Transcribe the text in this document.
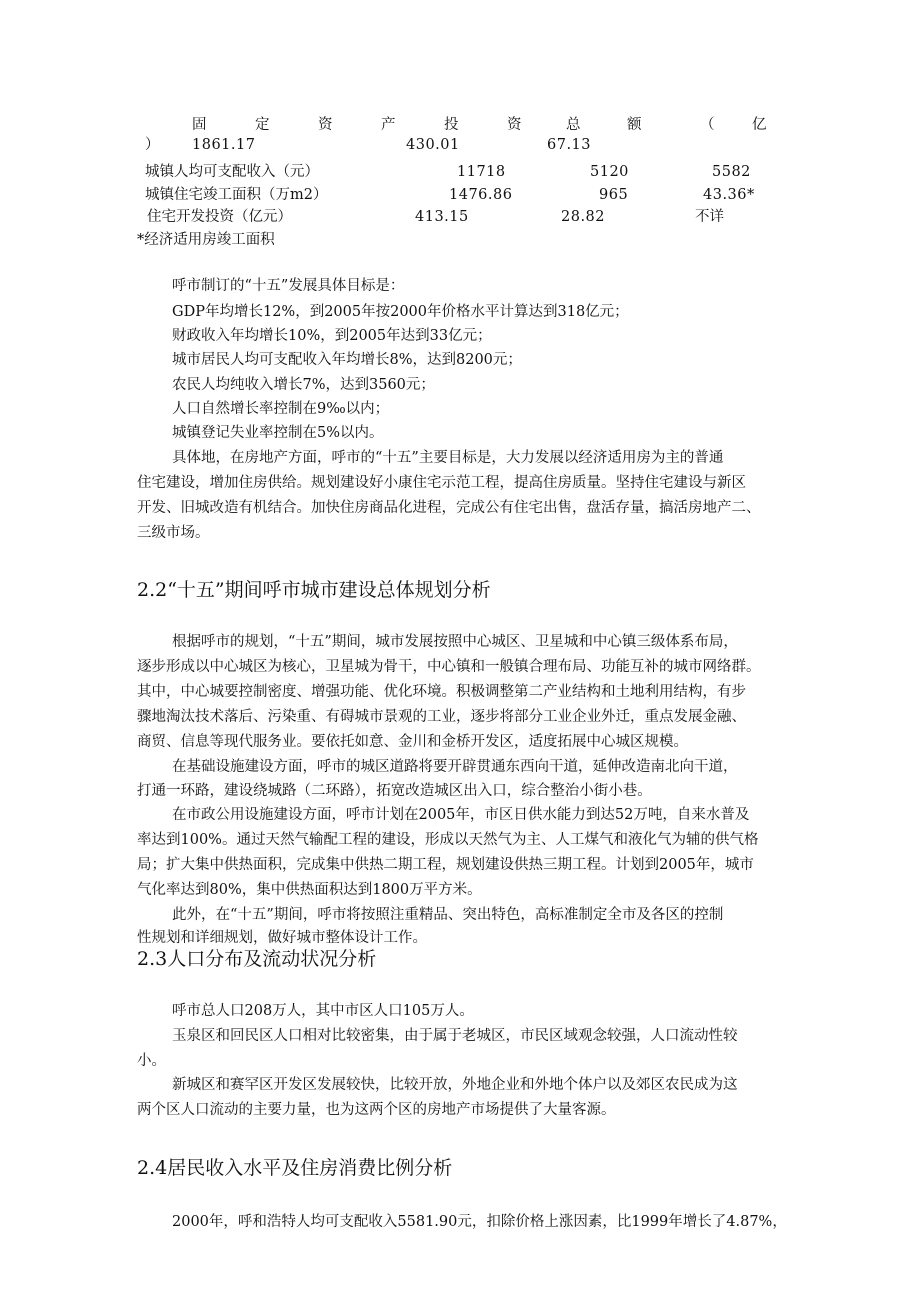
固	定	资	产	投	资	总	额	（	亿
） 1861.17	430.01	67.13
城镇人均可支配收入（元）	11718	5120	5582
城镇住宅竣工面积（万m2）	1476.86	965	43.36*
住宅开发投资（亿元）	413.15	28.82	不详
*经济适用房竣工面积
呼市制订的“十五”发展具体目标是：
GDP年均增长12%，到2005年按2000年价格水平计算达到318亿元；
财政收入年均增长10%，到2005年达到33亿元；
城市居民人均可支配收入年均增长8%，达到8200元；
农民人均纯收入增长7%，达到3560元；
人口自然增长率控制在9‰以内；
城镇登记失业率控制在5%以内。
具体地，在房地产方面，呼市的“十五”主要目标是，大力发展以经济适用房为主的普通
住宅建设，增加住房供给。规划建设好小康住宅示范工程，提高住房质量。坚持住宅建设与新区
开发、旧城改造有机结合。加快住房商品化进程，完成公有住宅出售，盘活存量，搞活房地产二、
三级市场。
2.2“十五”期间呼市城市建设总体规划分析
根据呼市的规划，“十五”期间，城市发展按照中心城区、卫星城和中心镇三级体系布局，
逐步形成以中心城区为核心，卫星城为骨干，中心镇和一般镇合理布局、功能互补的城市网络群。
其中，中心城要控制密度、增强功能、优化环境。积极调整第二产业结构和土地利用结构，有步
骤地淘汰技术落后、污染重、有碍城市景观的工业，逐步将部分工业企业外迁，重点发展金融、
商贸、信息等现代服务业。要依托如意、金川和金桥开发区，适度拓展中心城区规模。
在基础设施建设方面，呼市的城区道路将要开辟贯通东西向干道，延伸改造南北向干道，
打通一环路，建设绕城路（二环路），拓宽改造城区出入口，综合整治小街小巷。
在市政公用设施建设方面，呼市计划在2005年，市区日供水能力到达52万吨，自来水普及
率达到100%。通过天然气输配工程的建设，形成以天然气为主、人工煤气和液化气为辅的供气格
局；扩大集中供热面积，完成集中供热二期工程，规划建设供热三期工程。计划到2005年，城市
气化率达到80%，集中供热面积达到1800万平方米。
此外，在“十五”期间，呼市将按照注重精品、突出特色，高标准制定全市及各区的控制
性规划和详细规划，做好城市整体设计工作。
2.3人口分布及流动状况分析
呼市总人口208万人，其中市区人口105万人。
玉泉区和回民区人口相对比较密集，由于属于老城区，市民区域观念较强，人口流动性较
小。
新城区和赛罕区开发区发展较快，比较开放，外地企业和外地个体户以及郊区农民成为这
两个区人口流动的主要力量，也为这两个区的房地产市场提供了大量客源。
2.4居民收入水平及住房消费比例分析
2000年，呼和浩特人均可支配收入5581.90元，扣除价格上涨因素，比1999年增长了4.87%，
